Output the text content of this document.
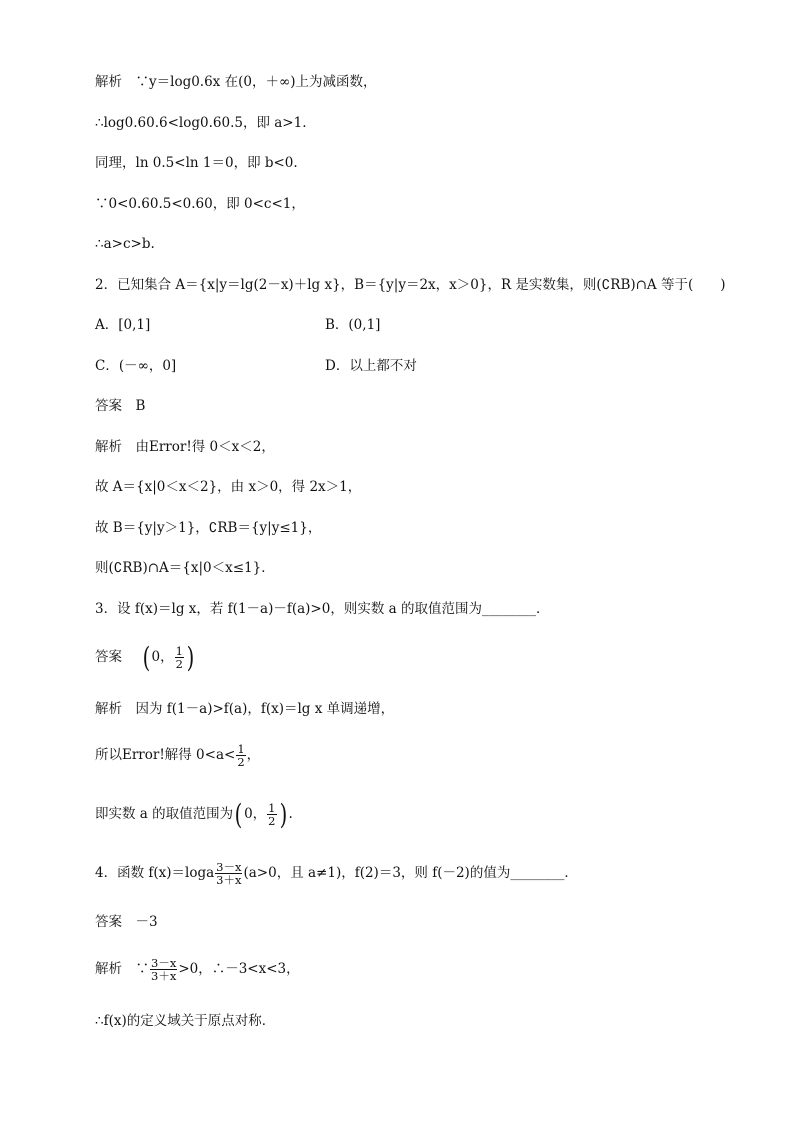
解析　∵y＝log0.6x 在(0，＋∞)上为减函数，
∴log0.60.6<log0.60.5，即 a>1.
同理，ln 0.5<ln 1＝0，即 b<0.
∵0<0.60.5<0.60，即 0<c<1，
∴a>c>b.
2．已知集合 A＝{x|y＝lg(2－x)＋lg x}，B＝{y|y＝2x，x＞0}，R 是实数集，则(∁RB)∩A 等于(　　)
A．[0,1]	B．(0,1]
C．(－∞，0]	D．以上都不对
答案　B
解析　由Error!得 0＜x＜2，
故 A＝{x|0＜x＜2}，由 x＞0，得 2x＞1，
故 B＝{y|y＞1}，∁RB＝{y|y≤1}，
则(∁RB)∩A＝{x|0＜x≤1}．
3．设 f(x)＝lg x，若 f(1－a)－f(a)>0，则实数 a 的取值范围为________．
答案 ( 0， $\frac{1}{2}$ )
解析　因为 f(1－a)>f(a)，f(x)＝lg x 单调递增，
所以Error!解得 $0<a< \frac{1}{2}$ ，
即实数 a 的取值范围为( 0， $\frac{1}{2}$ ) .
4．函数 $f(x)=\log a \frac{3-x}{3+x} (a>0$，且 a≠1)，f(2)＝3，则 f(－2)的值为________．
答案　－3
解析　∵ $\frac{3-x}{3+x} >0$，∴－3<x<3，
∴f(x)的定义域关于原点对称．
